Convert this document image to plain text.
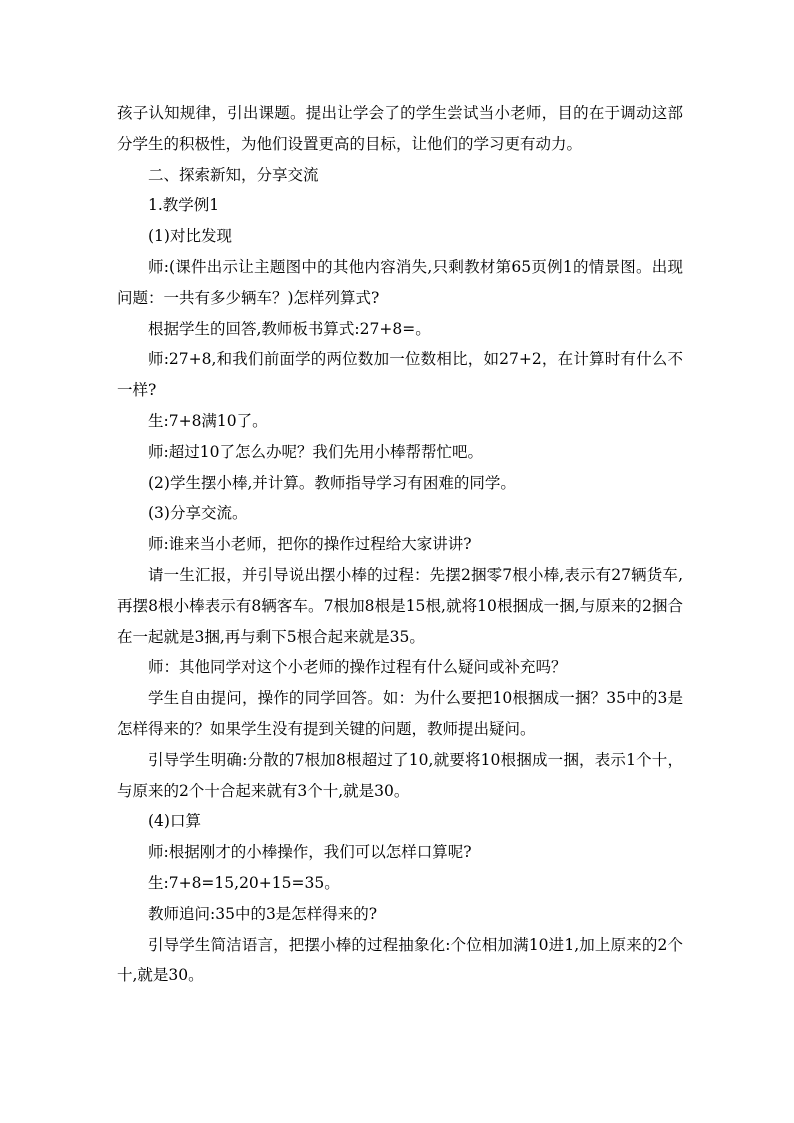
孩子认知规律，引出课题。提出让学会了的学生尝试当小老师，目的在于调动这部分学生的积极性，为他们设置更高的目标，让他们的学习更有动力。

二、探索新知，分享交流

1.教学例1

(1)对比发现

师:(课件出示让主题图中的其他内容消失,只剩教材第65页例1的情景图。出现问题：一共有多少辆车？)怎样列算式?

根据学生的回答,教师板书算式:27+8=。

师:27+8,和我们前面学的两位数加一位数相比，如27+2，在计算时有什么不一样?

生:7+8满10了。

师:超过10了怎么办呢？我们先用小棒帮帮忙吧。

(2)学生摆小棒,并计算。教师指导学习有困难的同学。

(3)分享交流。

师:谁来当小老师，把你的操作过程给大家讲讲?

请一生汇报，并引导说出摆小棒的过程：先摆2捆零7根小棒,表示有27辆货车,再摆8根小棒表示有8辆客车。7根加8根是15根,就将10根捆成一捆,与原来的2捆合在一起就是3捆,再与剩下5根合起来就是35。

师：其他同学对这个小老师的操作过程有什么疑问或补充吗？

学生自由提问，操作的同学回答。如：为什么要把10根捆成一捆？35中的3是怎样得来的？如果学生没有提到关键的问题，教师提出疑问。

引导学生明确:分散的7根加8根超过了10,就要将10根捆成一捆，表示1个十，与原来的2个十合起来就有3个十,就是30。

(4)口算

师:根据刚才的小棒操作，我们可以怎样口算呢?

生:7+8=15,20+15=35。

教师追问:35中的3是怎样得来的?

引导学生简洁语言，把摆小棒的过程抽象化:个位相加满10进1,加上原来的2个十,就是30。
